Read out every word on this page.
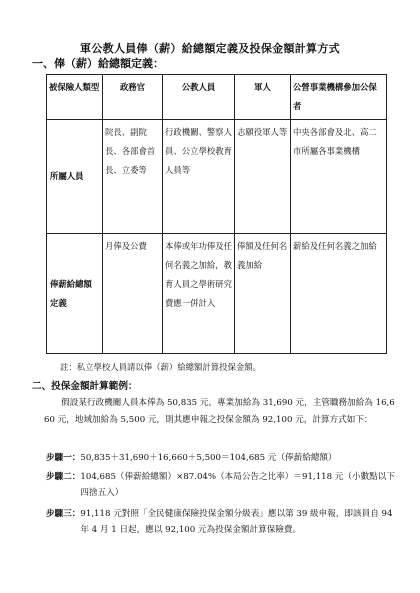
軍公教人員俸（薪）給總額定義及投保金額計算方式
一、俸（薪）給總額定義：
被保險人類型	政務官	公教人員	軍人	公營事業機構參加公保者
所屬人員	院長、副院長、各部會首長、立委等	行政機關、警察人員、公立學校教育人員等	志願役軍人等	中央各部會及北、高二市所屬各事業機構
俸薪給總額定義	月俸及公費	本俸或年功俸及任何名義之加給，教育人員之學術研究費應一併計入	俸額及任何名義加給	薪給及任何名義之加給
註：私立學校人員請以俸（薪）給總額計算投保金額。
二、投保金額計算範例：
假設某行政機關人員本俸為 50,835 元，專業加給為 31,690 元，主管職務加給為 16,660 元，地域加給為 5,500 元，則其應申報之投保金額為 92,100 元，計算方式如下：
步驟一： 50,835＋31,690＋16,660＋5,500＝104,685 元（俸薪給總額）
步驟二： 104,685（俸薪給總額）×87.04%（本局公告之比率）＝91,118 元（小數點以下四捨五入）
步驟三： 91,118 元對照「全民健康保險投保金額分級表」應以第 39 級申報，即該員自 94 年 4 月 1 日起，應以 92,100 元為投保金額計算保險費。
